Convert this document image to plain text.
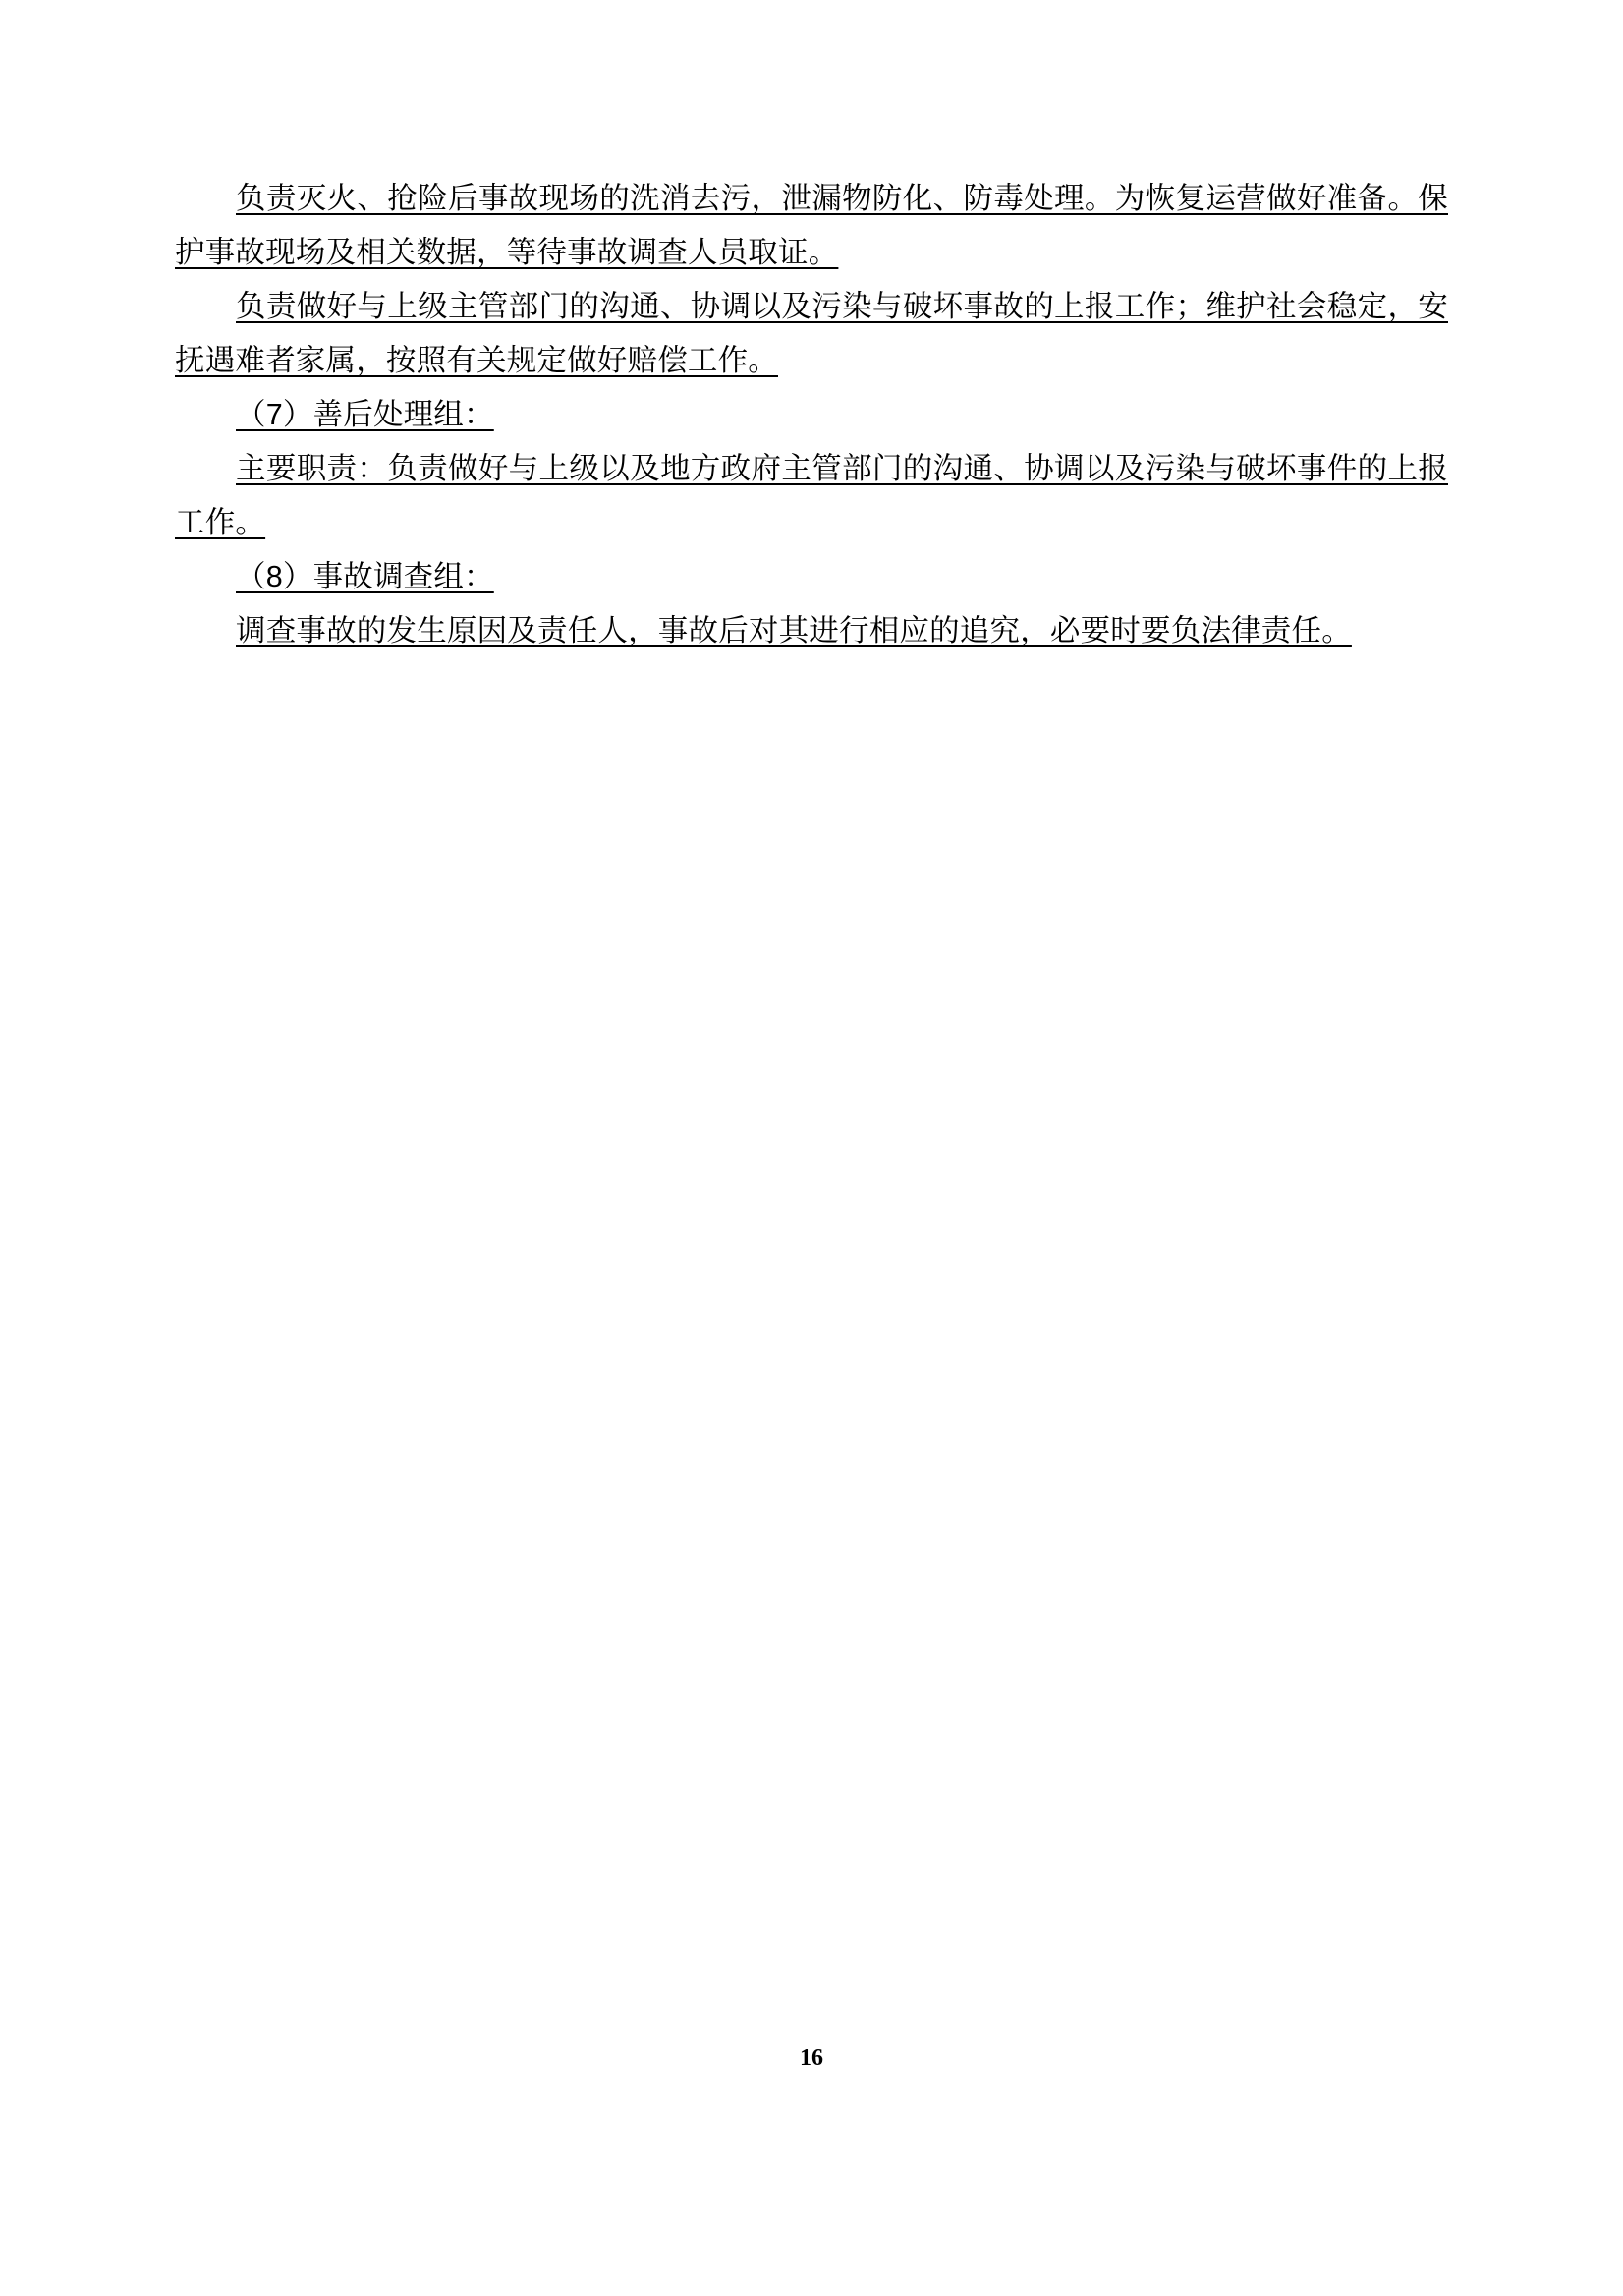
负责灭火、抢险后事故现场的洗消去污，泄漏物防化、防毒处理。为恢复运营做好准备。保护事故现场及相关数据，等待事故调查人员取证。

负责做好与上级主管部门的沟通、协调以及污染与破坏事故的上报工作；维护社会稳定，安抚遇难者家属，按照有关规定做好赔偿工作。

（7）善后处理组：

主要职责：负责做好与上级以及地方政府主管部门的沟通、协调以及污染与破坏事件的上报工作。

（8）事故调查组：

调查事故的发生原因及责任人，事故后对其进行相应的追究，必要时要负法律责任。

16
